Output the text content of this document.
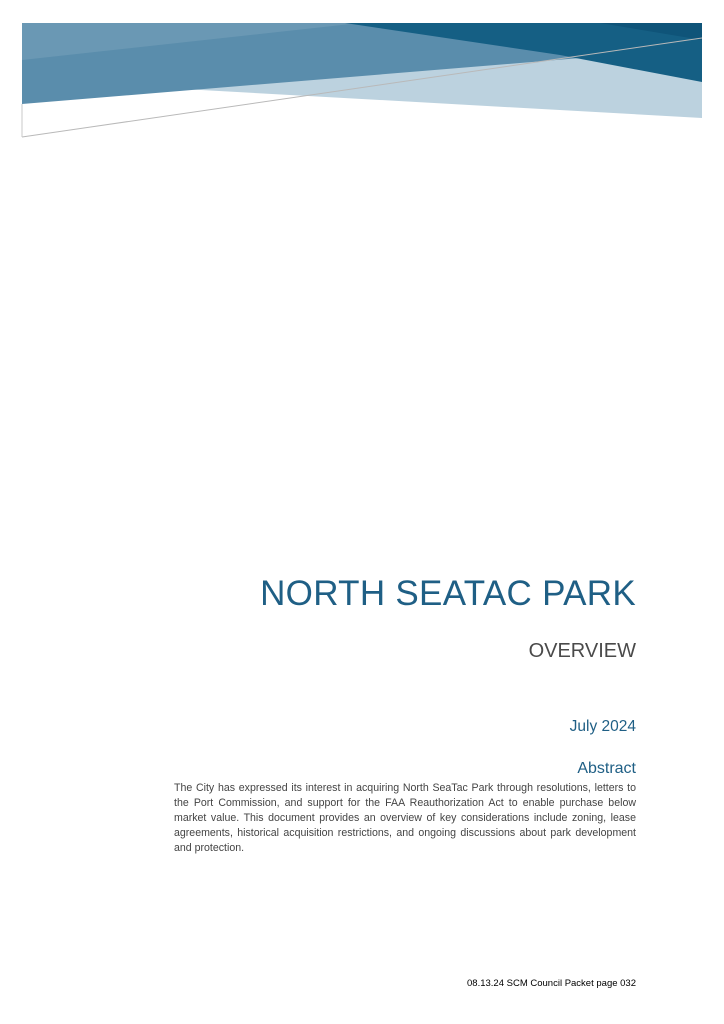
NORTH SEATAC PARK
OVERVIEW
July 2024
Abstract

The City has expressed its interest in acquiring North SeaTac Park through resolutions, letters to the Port Commission, and support for the FAA Reauthorization Act to enable purchase below market value. This document provides an overview of key considerations include zoning, lease agreements, historical acquisition restrictions, and ongoing discussions about park development and protection.

08.13.24 SCM Council Packet page 032
